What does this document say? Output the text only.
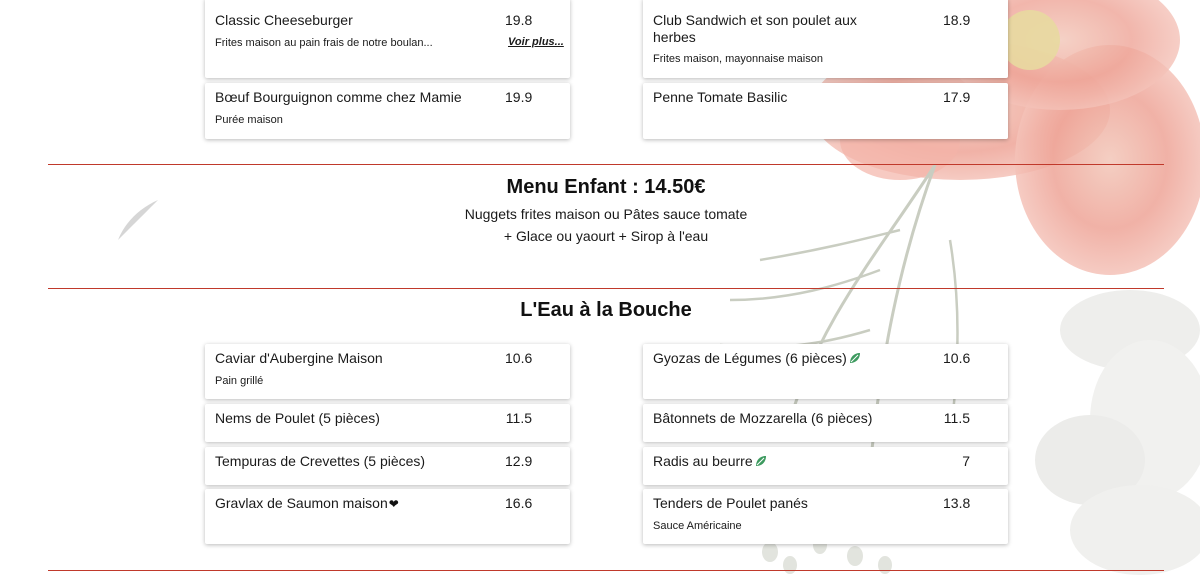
Classic Cheeseburger	19.8
Frites maison au pain frais de notre boulan...	Voir plus...
Bœuf Bourguignon comme chez Mamie	19.9
Purée maison
Club Sandwich et son poulet aux herbes
18.9
Frites maison, mayonnaise maison
Penne Tomate Basilic	17.9
Menu Enfant : 14.50€
Nuggets frites maison ou Pâtes sauce tomate
+ Glace ou yaourt + Sirop à l'eau
L'Eau à la Bouche
Caviar d'Aubergine Maison	10.6
Pain grillé
Nems de Poulet (5 pièces)	11.5
Tempuras de Crevettes (5 pièces)	12.9
Gravlax de Saumon maison❤	16.6
Gyozas de Légumes (6 pièces)	10.6
Bâtonnets de Mozzarella (6 pièces)	11.5
Radis au beurre	7
Tenders de Poulet panés	13.8
Sauce Américaine
